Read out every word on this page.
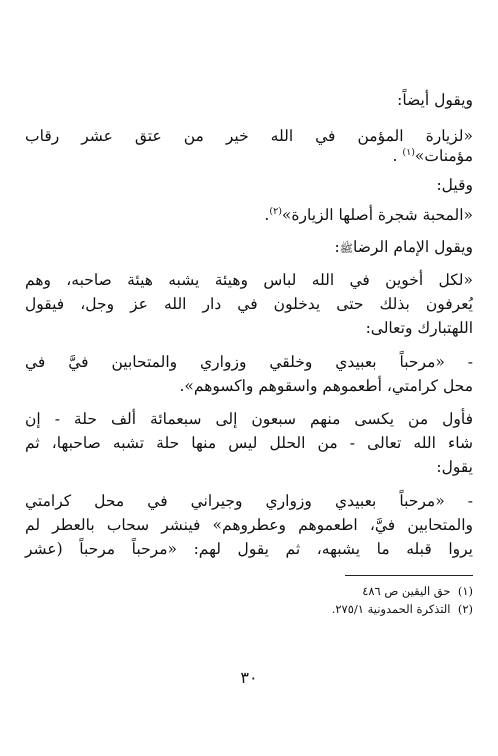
ويقول أيضاً:
«لزيارة المؤمن في الله خير من عتق عشر رقاب
مؤمنات»$^{(١)}$ .
وقيل:
«المحبة شجرة أصلها الزيارة»$^{(٢)}$.
ويقول الإمام الرضاﷺ:
«لكل أخوين في الله لباس وهيئة يشبه هيئة صاحبه، وهم
يُعرفون بذلك حتى يدخلون في دار الله عز وجل، فيقول
اللهتبارك وتعالى:
- «مرحباً بعبيدي وخلقي وزواري والمتحابين فيَّ في
محل كرامتي، أطعموهم واسقوهم واكسوهم».
فأول من يكسى منهم سبعون إلى سبعمائة ألف حلة - إن
شاء الله تعالى - من الحلل ليس منها حلة تشبه صاحبها، ثم
يقول:
- «مرحباً بعبيدي وزواري وجيراني في محل كرامتي
والمتحابين فيَّ، اطعموهم وعطروهم» فينشر سحاب بالعطر لم
يروا قبله ما يشبهه، ثم يقول لهم: «مرحباً مرحباً (عشر
(١)  حق اليقين ص ٤٨٦
(٢)  التذكرة الحمدونية ٢٧٥/١.
٣٠
